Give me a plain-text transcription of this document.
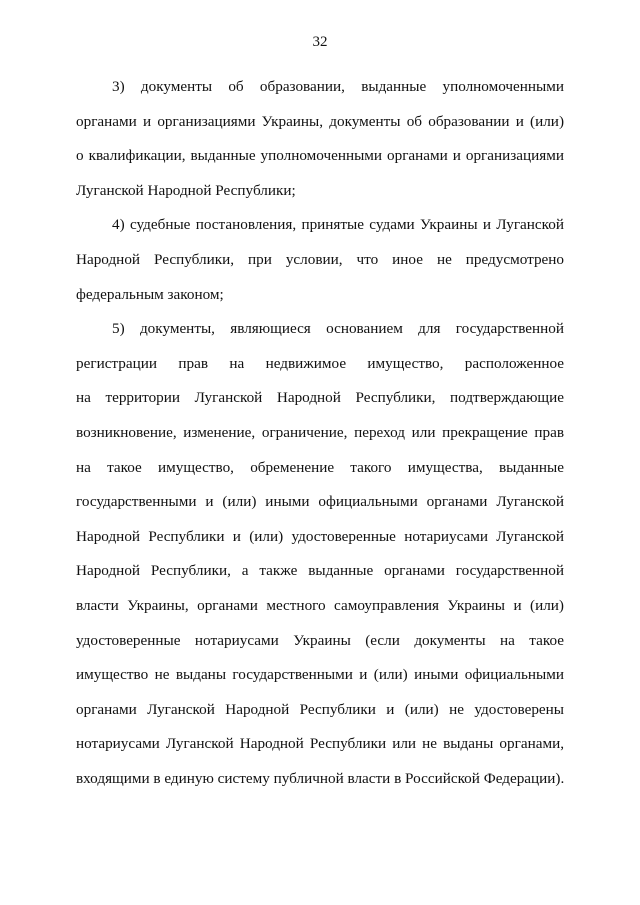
32
3) документы об образовании, выданные уполномоченными
органами и организациями Украины, документы об образовании и (или)
о квалификации, выданные уполномоченными органами и организациями
Луганской Народной Республики;
4) судебные постановления, принятые судами Украины и Луганской
Народной Республики, при условии, что иное не предусмотрено
федеральным законом;
5) документы, являющиеся основанием для государственной
регистрации прав на недвижимое имущество, расположенное
на территории Луганской Народной Республики, подтверждающие
возникновение, изменение, ограничение, переход или прекращение прав
на такое имущество, обременение такого имущества, выданные
государственными и (или) иными официальными органами Луганской
Народной Республики и (или) удостоверенные нотариусами Луганской
Народной Республики, а также выданные органами государственной
власти Украины, органами местного самоуправления Украины и (или)
удостоверенные нотариусами Украины (если документы на такое
имущество не выданы государственными и (или) иными официальными
органами Луганской Народной Республики и (или) не удостоверены
нотариусами Луганской Народной Республики или не выданы органами,
входящими в единую систему публичной власти в Российской Федерации).
